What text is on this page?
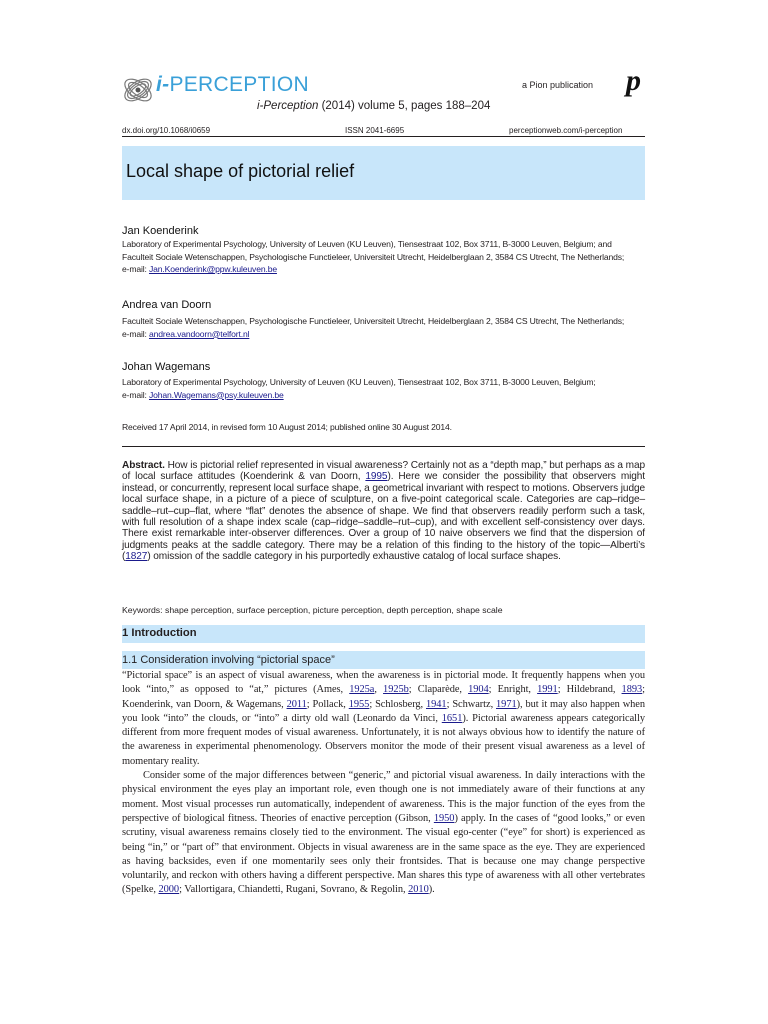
i-PERCEPTION	a Pion publication p
i-Perception (2014) volume 5, pages 188–204
dx.doi.org/10.1068/i0659	ISSN 2041-6695	perceptionweb.com/i-perception
Local shape of pictorial relief
Jan Koenderink
Laboratory of Experimental Psychology, University of Leuven (KU Leuven), Tiensestraat 102, Box 3711, B-3000 Leuven, Belgium; and Faculteit Sociale Wetenschappen, Psychologische Functieleer, Universiteit Utrecht, Heidelberglaan 2, 3584 CS Utrecht, The Netherlands;
e-mail: Jan.Koenderink@ppw.kuleuven.be
Andrea van Doorn
Faculteit Sociale Wetenschappen, Psychologische Functieleer, Universiteit Utrecht, Heidelberglaan 2, 3584 CS Utrecht, The Netherlands;
e-mail: andrea.vandoorn@telfort.nl
Johan Wagemans
Laboratory of Experimental Psychology, University of Leuven (KU Leuven), Tiensestraat 102, Box 3711, B-3000 Leuven, Belgium;
e-mail: Johan.Wagemans@psy.kuleuven.be
Received 17 April 2014, in revised form 10 August 2014; published online 30 August 2014.
Abstract. How is pictorial relief represented in visual awareness? Certainly not as a “depth map,” but perhaps as a map of local surface attitudes (Koenderink & van Doorn, 1995). Here we consider the possibility that observers might instead, or concurrently, represent local surface shape, a geometrical invariant with respect to motions. Observers judge local surface shape, in a picture of a piece of sculpture, on a five-point categorical scale. Categories are cap–ridge–saddle–rut–cup–flat, where “flat” denotes the absence of shape. We find that observers readily perform such a task, with full resolution of a shape index scale (cap–ridge–saddle–rut–cup), and with excellent self-consistency over days. There exist remarkable inter-observer differences. Over a group of 10 naive observers we find that the dispersion of judgments peaks at the saddle category. There may be a relation of this finding to the history of the topic—Alberti’s (1827) omission of the saddle category in his purportedly exhaustive catalog of local surface shapes.
Keywords: shape perception, surface perception, picture perception, depth perception, shape scale
1 Introduction
1.1 Consideration involving “pictorial space”

“Pictorial space” is an aspect of visual awareness, when the awareness is in pictorial mode. It frequently happens when you look “into,” as opposed to “at,” pictures (Ames, 1925a, 1925b; Claparède, 1904; Enright, 1991; Hildebrand, 1893; Koenderink, van Doorn, & Wagemans, 2011; Pollack, 1955; Schlosberg, 1941; Schwartz, 1971), but it may also happen when you look “into” the clouds, or “into” a dirty old wall (Leonardo da Vinci, 1651). Pictorial awareness appears categorically different from more frequent modes of visual awareness. Unfortunately, it is not always obvious how to identify the nature of the awareness in experimental phenomenology. Observers monitor the mode of their present visual awareness as a level of momentary reality.

Consider some of the major differences between “generic,” and pictorial visual awareness. In daily interactions with the physical environment the eyes play an important role, even though one is not immediately aware of their functions at any moment. Most visual processes run automatically, independent of awareness. This is the major function of the eyes from the perspective of biological fitness. Theories of enactive perception (Gibson, 1950) apply. In the cases of “good looks,” or even scrutiny, visual awareness remains closely tied to the environment. The visual ego-center (“eye” for short) is experienced as being “in,” or “part of” that environment. Objects in visual awareness are in the same space as the eye. They are experienced as having backsides, even if one momentarily sees only their frontsides. That is because one may change perspective voluntarily, and reckon with others having a different perspective. Man shares this type of awareness with all other vertebrates (Spelke, 2000; Vallortigara, Chiandetti, Rugani, Sovrano, & Regolin, 2010).
